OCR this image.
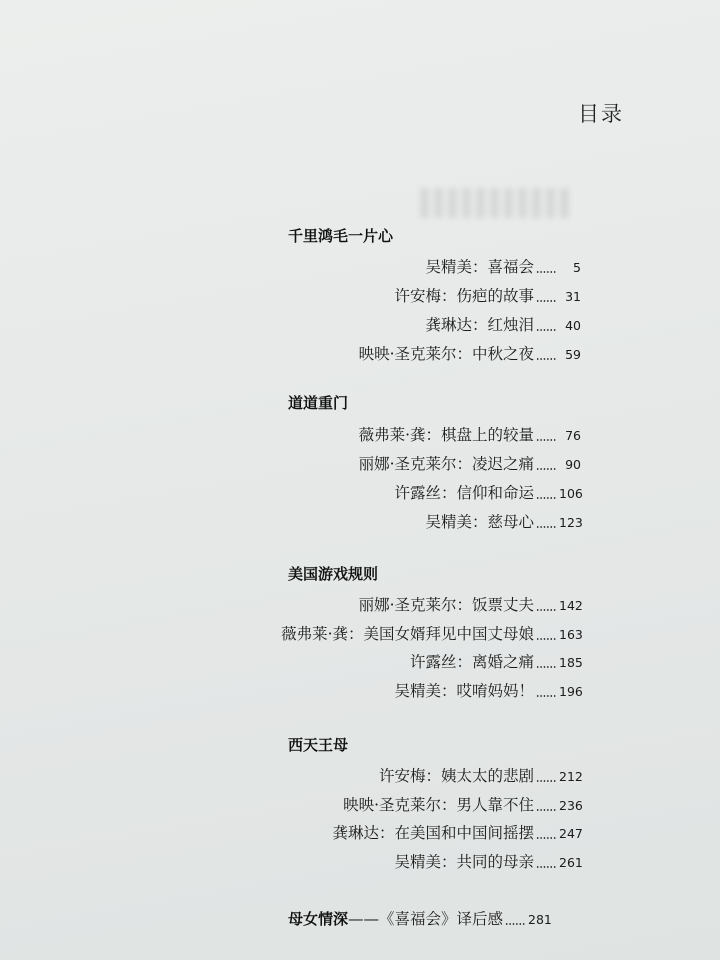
目录
千里鸿毛一片心
吴精美：喜福会	5
许安梅：伤疤的故事	31
龚琳达：红烛泪	40
映映·圣克莱尔：中秋之夜	59
道道重门
薇弗莱·龚：棋盘上的较量	76
丽娜·圣克莱尔：凌迟之痛	90
许露丝：信仰和命运 106
吴精美：慈母心 123
美国游戏规则
丽娜·圣克莱尔：饭票丈夫 142
薇弗莱·龚：美国女婿拜见中国丈母娘 163
许露丝：离婚之痛 185
吴精美：哎唷妈妈！ 196
西天王母
许安梅：姨太太的悲剧 212
映映·圣克莱尔：男人靠不住 236
龚琳达：在美国和中国间摇摆 247
吴精美：共同的母亲 261
母女情深 —— 《喜福会》译后感 281
